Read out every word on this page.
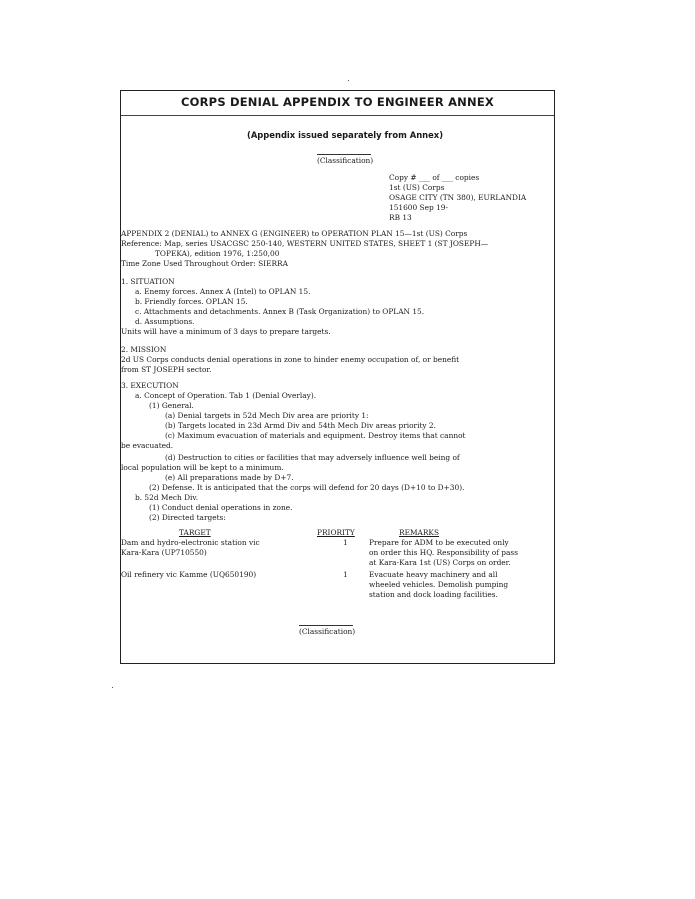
CORPS DENIAL APPENDIX TO ENGINEER ANNEX
(Appendix issued separately from Annex)
(Classification)
Copy # ___ of ___ copies
1st (US) Corps
OSAGE CITY (TN 380), EURLANDIA
151600 Sep 19-
RB 13
APPENDIX 2 (DENIAL) to ANNEX G (ENGINEER) to OPERATION PLAN 15—1st (US) Corps
Reference: Map, series USACGSC 250-140, WESTERN UNITED STATES, SHEET 1 (ST JOSEPH—
TOPEKA), edition 1976, 1:250,00
Time Zone Used Throughout Order: SIERRA
1. SITUATION
a. Enemy forces. Annex A (Intel) to OPLAN 15.
b. Friendly forces. OPLAN 15.
c. Attachments and detachments. Annex B (Task Organization) to OPLAN 15.
d. Assumptions.
Units will have a minimum of 3 days to prepare targets.
2. MISSION
2d US Corps conducts denial operations in zone to hinder enemy occupation of, or benefit
from ST JOSEPH sector.
3. EXECUTION
a. Concept of Operation. Tab 1 (Denial Overlay).
(1) General.
(a) Denial targets in 52d Mech Div area are priority 1:
(b) Targets located in 23d Armd Div and 54th Mech Div areas priority 2.
(c) Maximum evacuation of materials and equipment. Destroy items that cannot
be evacuated.
(d) Destruction to cities or facilities that may adversely influence well being of
local population will be kept to a minimum.
(e) All preparations made by D+7.
(2) Defense. It is anticipated that the corps will defend for 20 days (D+10 to D+30).
b. 52d Mech Div.
(1) Conduct denial operations in zone.
(2) Directed targets:
TARGET	PRIORITY	REMARKS
Dam and hydro-electronic station vic
Kara-Kara (UP710550)
1	Prepare for ADM to be executed only
on order this HQ. Responsibility of pass
at Kara-Kara 1st (US) Corps on order.
Oil refinery vic Kamme (UQ650190)	1	Evacuate heavy machinery and all
wheeled vehicles. Demolish pumping
station and dock loading facilities.
(Classification)
